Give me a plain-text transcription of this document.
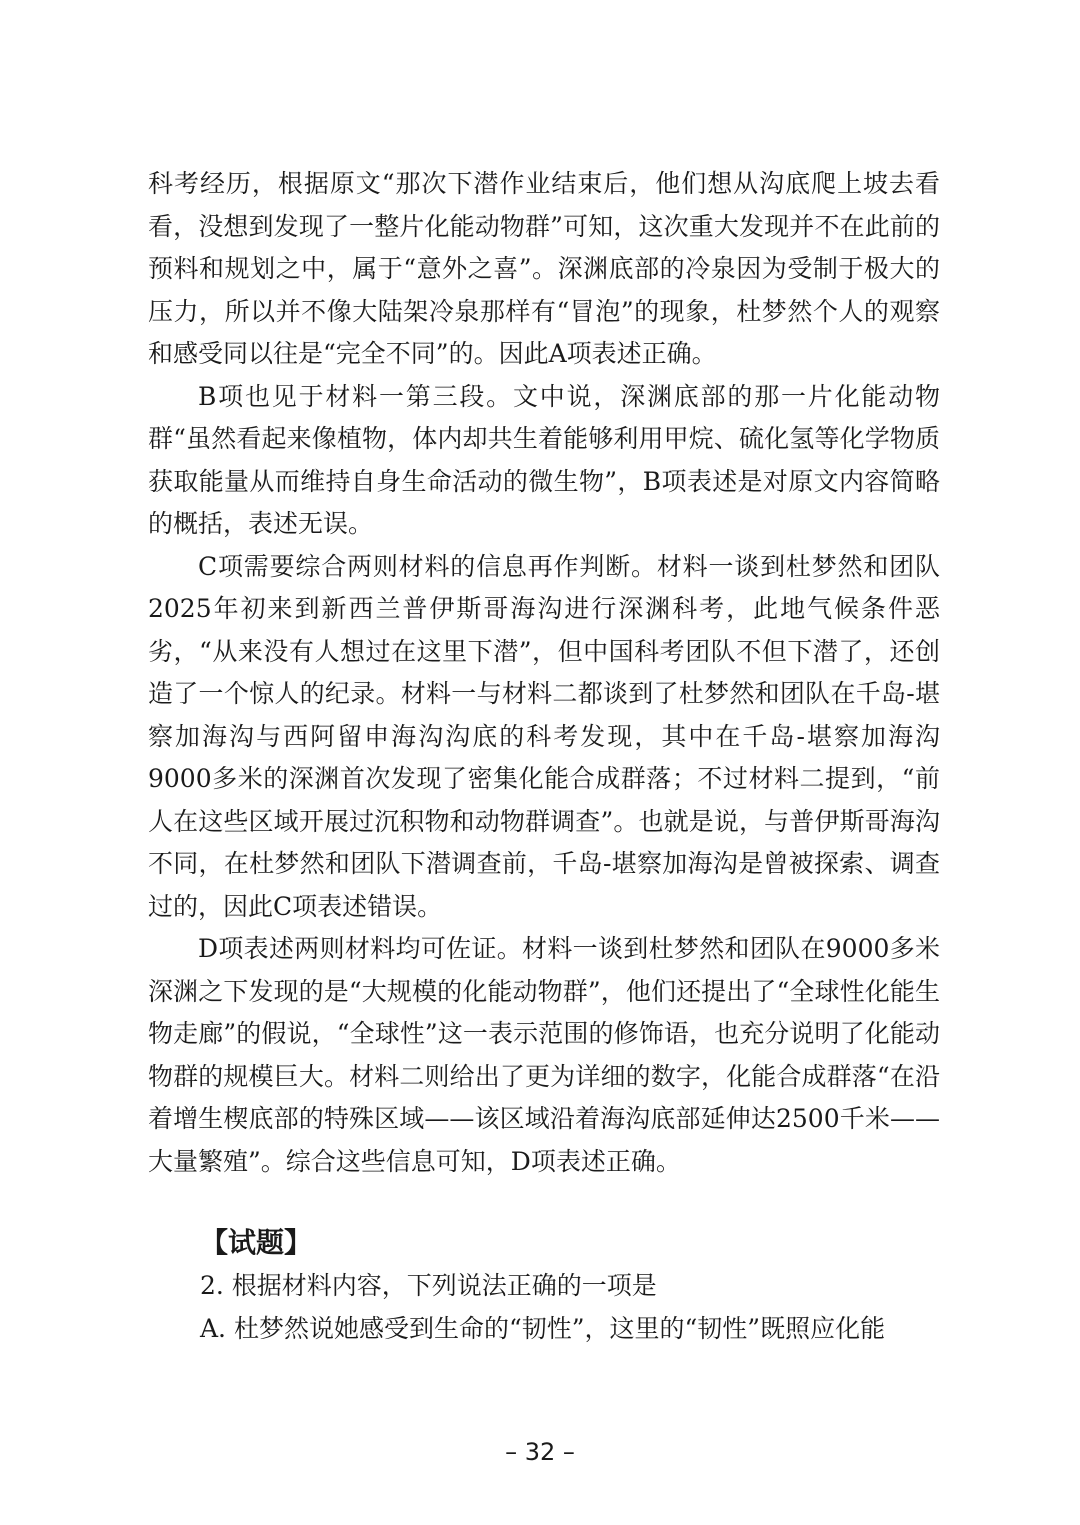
科考经历，根据原文“那次下潜作业结束后，他们想从沟底爬上坡去看看，没想到发现了一整片化能动物群”可知，这次重大发现并不在此前的预料和规划之中，属于“意外之喜”。深渊底部的冷泉因为受制于极大的压力，所以并不像大陆架冷泉那样有“冒泡”的现象，杜梦然个人的观察和感受同以往是“完全不同”的。因此A项表述正确。

B项也见于材料一第三段。文中说，深渊底部的那一片化能动物群“虽然看起来像植物，体内却共生着能够利用甲烷、硫化氢等化学物质获取能量从而维持自身生命活动的微生物”，B项表述是对原文内容简略的概括，表述无误。

C项需要综合两则材料的信息再作判断。材料一谈到杜梦然和团队2025年初来到新西兰普伊斯哥海沟进行深渊科考，此地气候条件恶劣，“从来没有人想过在这里下潜”，但中国科考团队不但下潜了，还创造了一个惊人的纪录。材料一与材料二都谈到了杜梦然和团队在千岛-堪察加海沟与西阿留申海沟沟底的科考发现，其中在千岛-堪察加海沟9000多米的深渊首次发现了密集化能合成群落；不过材料二提到，“前人在这些区域开展过沉积物和动物群调查”。也就是说，与普伊斯哥海沟不同，在杜梦然和团队下潜调查前，千岛-堪察加海沟是曾被探索、调查过的，因此C项表述错误。

D项表述两则材料均可佐证。材料一谈到杜梦然和团队在9000多米深渊之下发现的是“大规模的化能动物群”，他们还提出了“全球性化能生物走廊”的假说，“全球性”这一表示范围的修饰语，也充分说明了化能动物群的规模巨大。材料二则给出了更为详细的数字，化能合成群落“在沿着增生楔底部的特殊区域——该区域沿着海沟底部延伸达2500千米——大量繁殖”。综合这些信息可知，D项表述正确。

【试题】
2. 根据材料内容，下列说法正确的一项是
A. 杜梦然说她感受到生命的“韧性”，这里的“韧性”既照应化能
– 32 –
